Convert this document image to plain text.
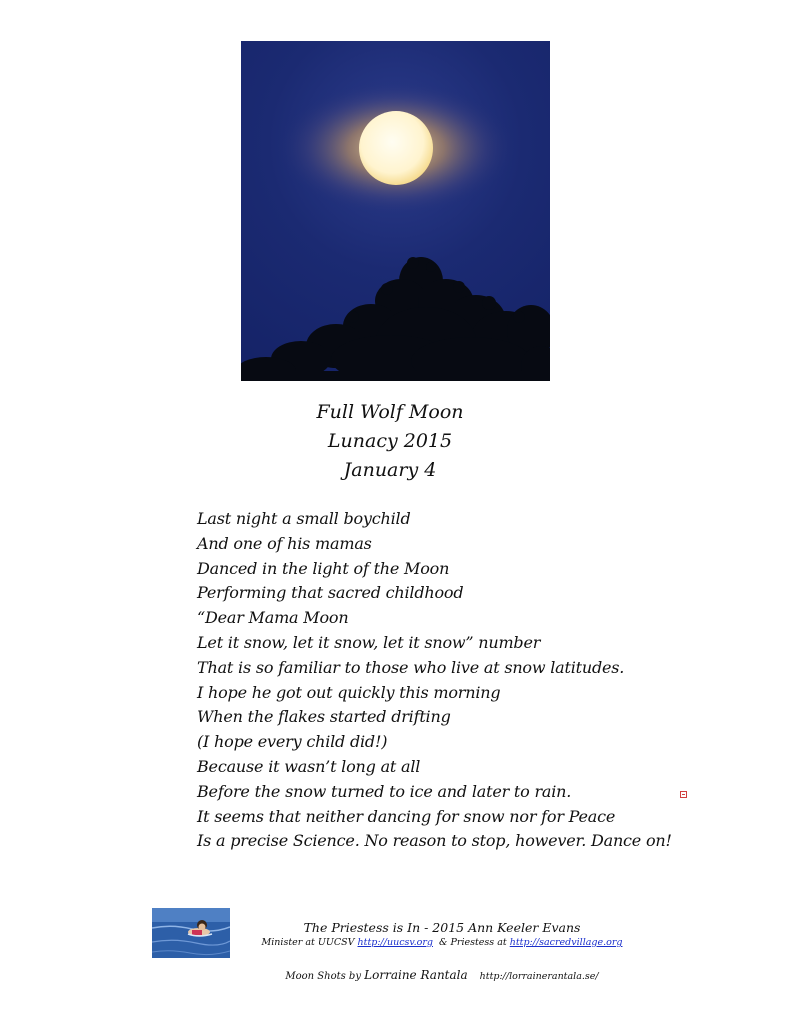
Full Wolf Moon
Lunacy 2015
January 4
Last night a small boychild
And one of his mamas
Danced in the light of the Moon
Performing that sacred childhood
“Dear Mama Moon
Let it snow, let it snow, let it snow” number
That is so familiar to those who live at snow latitudes.
I hope he got out quickly this morning
When the flakes started drifting
(I hope every child did!)
Because it wasn’t long at all
Before the snow turned to ice and later to rain.
It seems that neither dancing for snow nor for Peace
Is a precise Science. No reason to stop, however. Dance on!
The Priestess is In - 2015 Ann Keeler Evans
Minister at UUCSV http://uucsv.org  & Priestess at http://sacredvillage.org
Moon Shots by Lorraine Rantala http://lorrainerantala.se/
